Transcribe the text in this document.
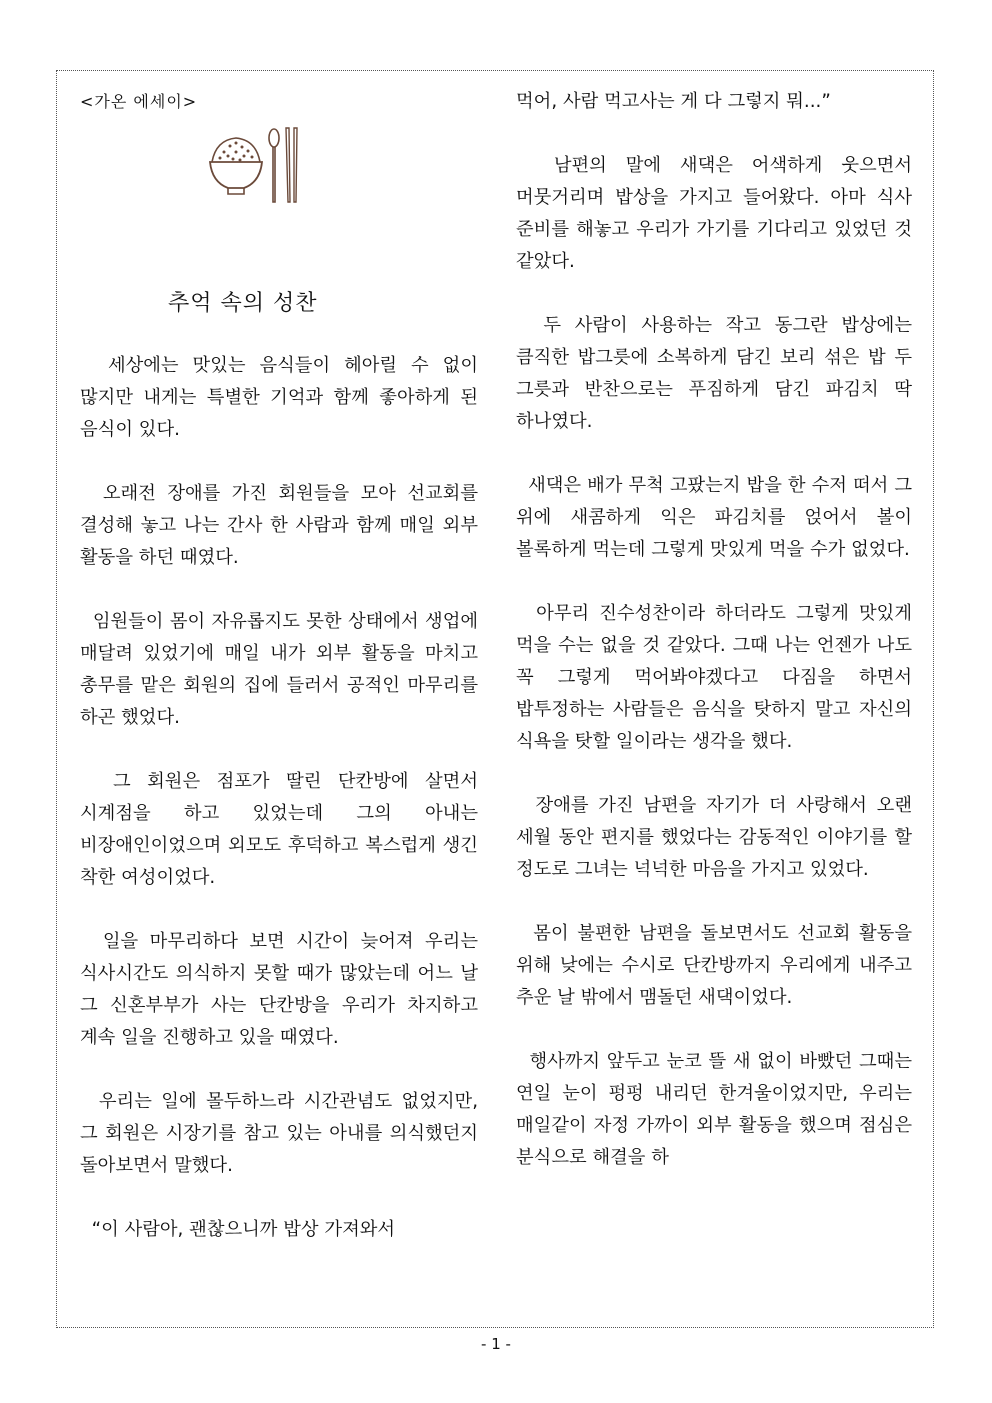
<가온 에세이>

추억 속의 성찬

세상에는 맛있는 음식들이 헤아릴 수 없이 많지만 내게는 특별한 기억과 함께 좋아하게 된 음식이 있다.

오래전 장애를 가진 회원들을 모아 선교회를 결성해 놓고 나는 간사 한 사람과 함께 매일 외부 활동을 하던 때였다.

임원들이 몸이 자유롭지도 못한 상태에서 생업에 매달려 있었기에 매일 내가 외부 활동을 마치고 총무를 맡은 회원의 집에 들러서 공적인 마무리를 하곤 했었다.

그 회원은 점포가 딸린 단칸방에 살면서 시계점을 하고 있었는데 그의 아내는 비장애인이었으며 외모도 후덕하고 복스럽게 생긴 착한 여성이었다.

일을 마무리하다 보면 시간이 늦어져 우리는 식사시간도 의식하지 못할 때가 많았는데 어느 날 그 신혼부부가 사는 단칸방을 우리가 차지하고 계속 일을 진행하고 있을 때였다.

우리는 일에 몰두하느라 시간관념도 없었지만, 그 회원은 시장기를 참고 있는 아내를 의식했던지 돌아보면서 말했다.

“이 사람아, 괜찮으니까 밥상 가져와서

먹어, 사람 먹고사는 게 다 그렇지 뭐...”

남편의 말에 새댁은 어색하게 웃으면서 머뭇거리며 밥상을 가지고 들어왔다. 아마 식사 준비를 해놓고 우리가 가기를 기다리고 있었던 것 같았다.

두 사람이 사용하는 작고 동그란 밥상에는 큼직한 밥그릇에 소복하게 담긴 보리 섞은 밥 두 그릇과 반찬으로는 푸짐하게 담긴 파김치 딱 하나였다.

새댁은 배가 무척 고팠는지 밥을 한 수저 떠서 그 위에 새콤하게 익은 파김치를 얹어서 볼이 볼록하게 먹는데 그렇게 맛있게 먹을 수가 없었다.

아무리 진수성찬이라 하더라도 그렇게 맛있게 먹을 수는 없을 것 같았다. 그때 나는 언젠가 나도 꼭 그렇게 먹어봐야겠다고 다짐을 하면서 밥투정하는 사람들은 음식을 탓하지 말고 자신의 식욕을 탓할 일이라는 생각을 했다.

장애를 가진 남편을 자기가 더 사랑해서 오랜 세월 동안 편지를 했었다는 감동적인 이야기를 할 정도로 그녀는 넉넉한 마음을 가지고 있었다.

몸이 불편한 남편을 돌보면서도 선교회 활동을 위해 낮에는 수시로 단칸방까지 우리에게 내주고 추운 날 밖에서 맴돌던 새댁이었다.

행사까지 앞두고 눈코 뜰 새 없이 바빴던 그때는 연일 눈이 펑펑 내리던 한겨울이었지만, 우리는 매일같이 자정 가까이 외부 활동을 했으며 점심은 분식으로 해결을 하

- 1 -
